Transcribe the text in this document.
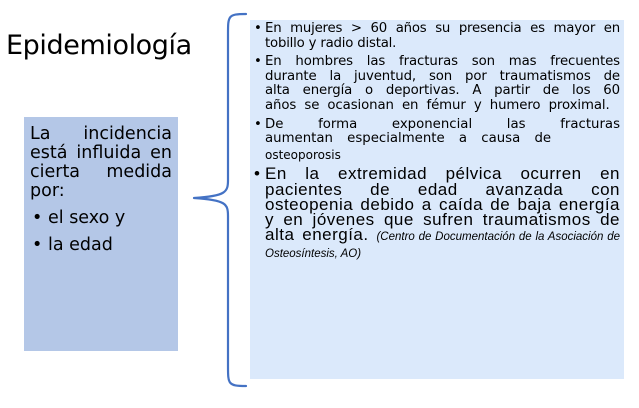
Epidemiología
La incidencia está influida en cierta medida por:
• el sexo y
• la edad
• En mujeres > 60 años su presencia es mayor en tobillo y radio distal.
• En hombres las fracturas son mas frecuentes durante la juventud, son por traumatismos de alta energía o deportivas. A partir de los 60 años se ocasionan en fémur y humero proximal.
• De forma exponencial las fracturas aumentan especialmente a causa de
osteoporosis
• En la extremidad pélvica ocurren en pacientes de edad avanzada con osteopenia debido a caída de baja energía y en jóvenes que sufren traumatismos de alta energía. (Centro de Documentación de la Asociación de Osteosíntesis, AO)
